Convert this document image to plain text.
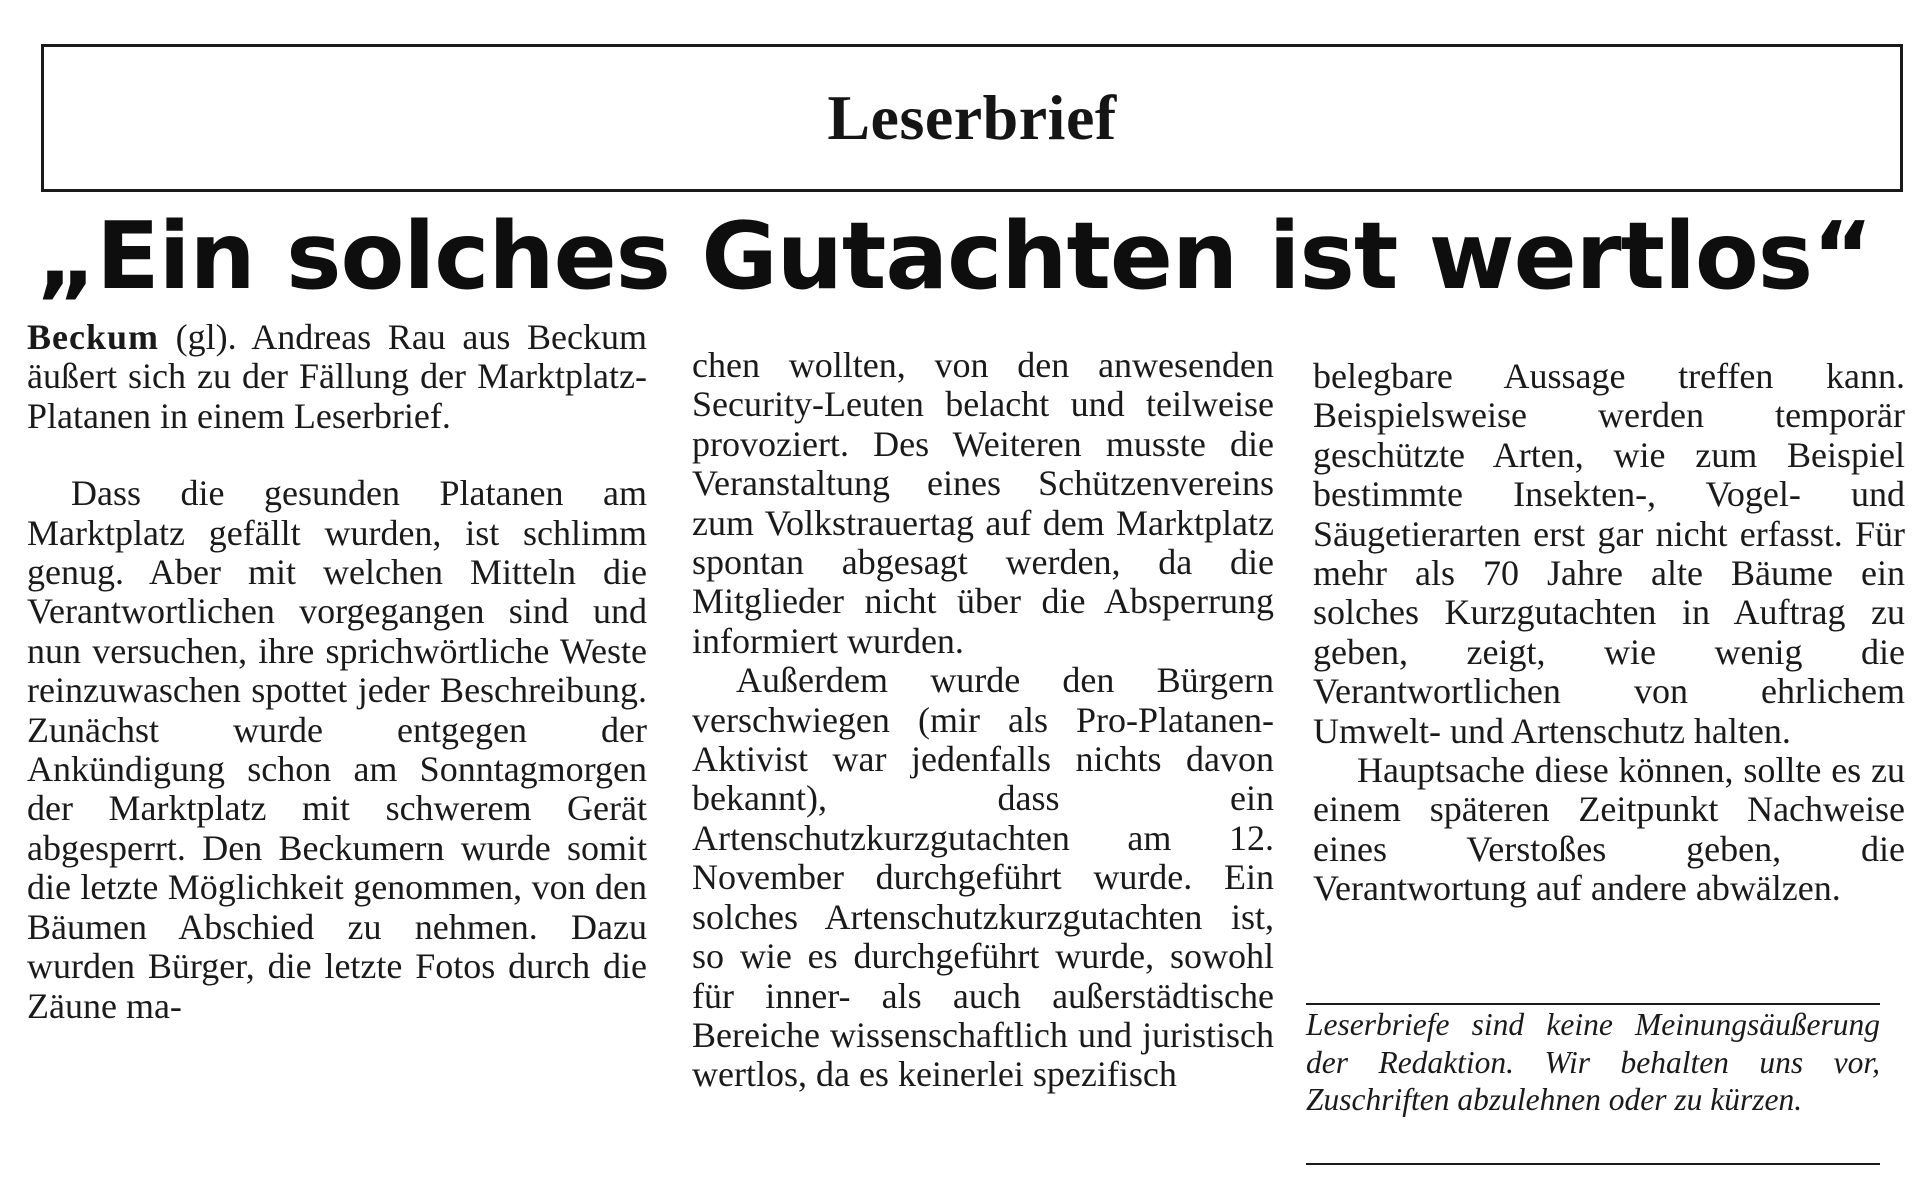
Leserbrief
„Ein solches Gutachten ist wertlos“

Beckum (gl). Andreas Rau aus Beckum äußert sich zu der Fällung der Marktplatz-Platanen in einem Leserbrief.

Dass die gesunden Platanen am Marktplatz gefällt wurden, ist schlimm genug. Aber mit welchen Mitteln die Verantwortlichen vorgegangen sind und nun versuchen, ihre sprichwörtliche Weste reinzuwaschen spottet jeder Beschreibung. Zunächst wurde entgegen der Ankündigung schon am Sonntagmorgen der Marktplatz mit schwerem Gerät abgesperrt. Den Beckumern wurde somit die letzte Möglichkeit genommen, von den Bäumen Abschied zu nehmen. Dazu wurden Bürger, die letzte Fotos durch die Zäune ma-

chen wollten, von den anwesenden Security-Leuten belacht und teilweise provoziert. Des Weiteren musste die Veranstaltung eines Schützenvereins zum Volkstrauertag auf dem Marktplatz spontan abgesagt werden, da die Mitglieder nicht über die Absperrung informiert wurden.

Außerdem wurde den Bürgern verschwiegen (mir als Pro-Platanen-Aktivist war jedenfalls nichts davon bekannt), dass ein Artenschutzkurzgutachten am 12. November durchgeführt wurde. Ein solches Artenschutzkurzgutachten ist, so wie es durchgeführt wurde, sowohl für inner- als auch außerstädtische Bereiche wissenschaftlich und juristisch wertlos, da es keinerlei spezifisch

belegbare Aussage treffen kann. Beispielsweise werden temporär geschützte Arten, wie zum Beispiel bestimmte Insekten-, Vogel- und Säugetierarten erst gar nicht erfasst. Für mehr als 70 Jahre alte Bäume ein solches Kurzgutachten in Auftrag zu geben, zeigt, wie wenig die Verantwortlichen von ehrlichem Umwelt- und Artenschutz halten.

Hauptsache diese können, sollte es zu einem späteren Zeitpunkt Nachweise eines Verstoßes geben, die Verantwortung auf andere abwälzen.

Leserbriefe sind keine Meinungsäußerung der Redaktion. Wir behalten uns vor, Zuschriften abzulehnen oder zu kürzen.
